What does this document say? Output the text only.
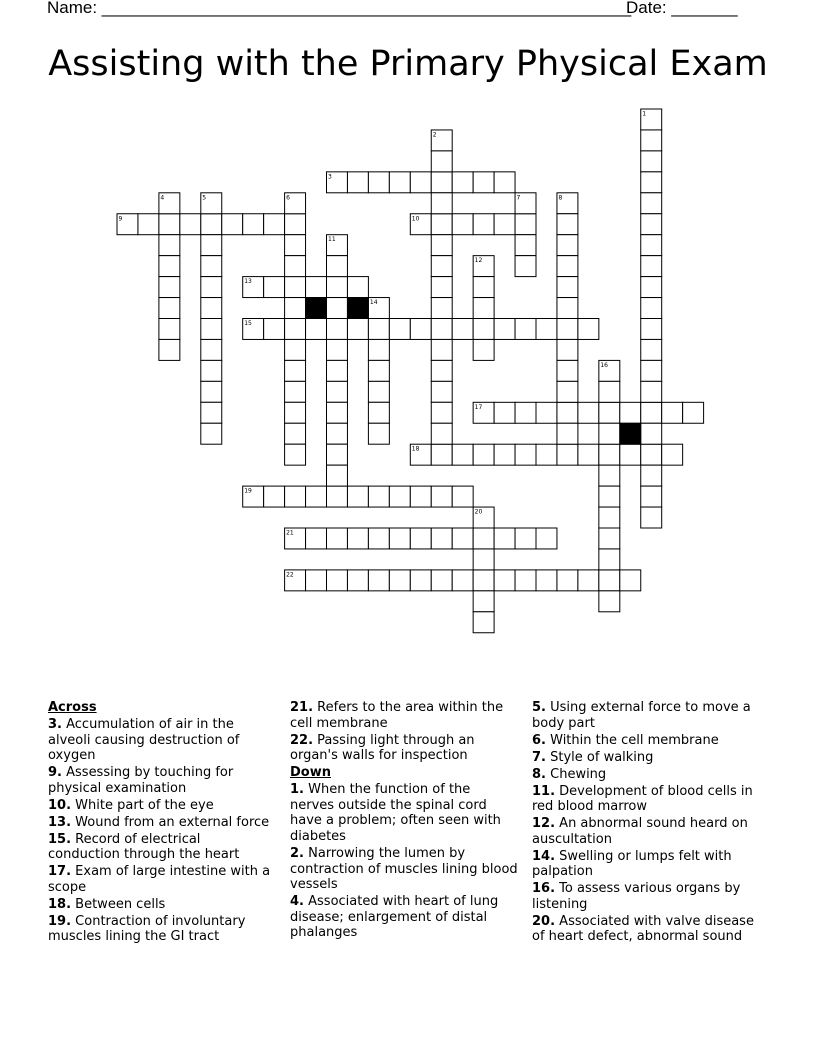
Name: ________________________________________________________
Date: _______
Assisting with the Primary Physical Exam
3
9	10
13
15
17
18
19
21
22
1
2
4	5	6	7	8
11
12
14
16
20
Across
3. Accumulation of air in the alveoli causing destruction of oxygen
9. Assessing by touching for physical examination
10. White part of the eye
13. Wound from an external force
15. Record of electrical conduction through the heart
17. Exam of large intestine with a scope
18. Between cells
19. Contraction of involuntary muscles lining the GI tract
21. Refers to the area within the cell membrane
22. Passing light through an organ's walls for inspection
Down
1. When the function of the nerves outside the spinal cord have a problem; often seen with diabetes
2. Narrowing the lumen by contraction of muscles lining blood vessels
4. Associated with heart of lung disease; enlargement of distal phalanges
5. Using external force to move a body part
6. Within the cell membrane
7. Style of walking
8. Chewing
11. Development of blood cells in red blood marrow
12. An abnormal sound heard on auscultation
14. Swelling or lumps felt with palpation
16. To assess various organs by listening
20. Associated with valve disease of heart defect, abnormal sound
